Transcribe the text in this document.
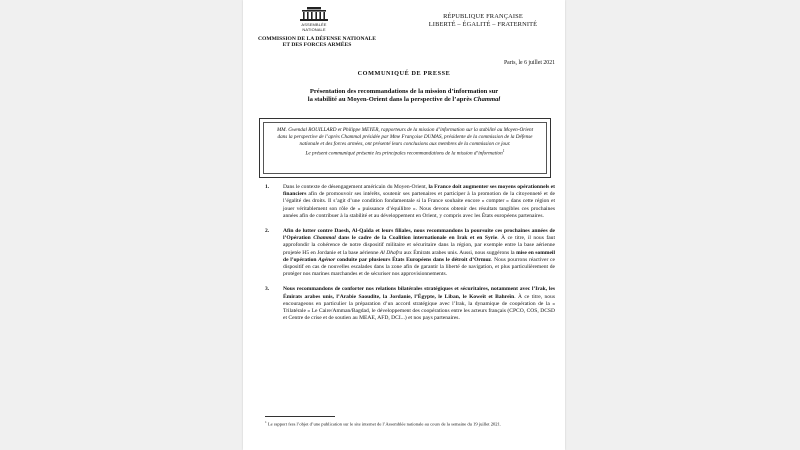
ASSEMBLÉE
NATIONALE
COMMISSION DE LA DÉFENSE NATIONALE
ET DES FORCES ARMÉES
RÉPUBLIQUE FRANÇAISE
LIBERTÉ – ÉGALITÉ – FRATERNITÉ
Paris, le 6 juillet 2021
COMMUNIQUÉ DE PRESSE
Présentation des recommandations de la mission d’information sur
la stabilité au Moyen-Orient dans la perspective de l’après Chammal
MM. Gwendal ROUILLARD et Philippe MEYER, rapporteurs de la mission d’information sur la stabilité au Moyen-Orient dans la perspective de l’après Chammal présidée par Mme Françoise DUMAS, présidente de la commission de la Défense nationale et des forces armées, ont présenté leurs conclusions aux membres de la commission ce jour.
Le présent communiqué présente les principales recommandations de la mission d’information$^1$
1. Dans le contexte de désengagement américain du Moyen-Orient, la France doit augmenter ses moyens opérationnels et financiers afin de promouvoir ses intérêts, soutenir ses partenaires et participer à la promotion de la citoyenneté et de l’égalité des droits. Il s’agit d’une condition fondamentale si la France souhaite encore « compter » dans cette région et jouer véritablement son rôle de « puissance d’équilibre ». Nous devons obtenir des résultats tangibles ces prochaines années afin de contribuer à la stabilité et au développement en Orient, y compris avec les États européens partenaires.
2. Afin de lutter contre Daesh, Al-Qaïda et leurs filiales, nous recommandons la poursuite ces prochaines années de l’Opération Chammal dans le cadre de la Coalition internationale en Irak et en Syrie. À ce titre, il nous faut approfondir la cohérence de notre dispositif militaire et sécuritaire dans la région, par exemple entre la base aérienne projetée H5 en Jordanie et la base aérienne Al Dhafra aux Émirats arabes unis. Aussi, nous suggérons la mise en sommeil de l’opération Agénor conduite par plusieurs États Européens dans le détroit d’Ormuz. Nous pourrons réactiver ce dispositif en cas de nouvelles escalades dans la zone afin de garantir la liberté de navigation, et plus particulièrement de protéger nos marines marchandes et de sécuriser nos approvisionnements.
3. Nous recommandons de conforter nos relations bilatérales stratégiques et sécuritaires, notamment avec l’Irak, les Émirats arabes unis, l’Arabie Saoudite, la Jordanie, l’Égypte, le Liban, le Koweït et Bahreïn. À ce titre, nous encourageons en particulier la préparation d’un accord stratégique avec l’Irak, la dynamique de coopération de la « Trilatérale » Le Caire/Amman/Bagdad, le développement des coopérations entre les acteurs français (CPCO, COS, DCSD et Centre de crise et de soutien au MEAE, AFD, DCI...) et nos pays partenaires.
$^1$ Le rapport fera l’objet d’une publication sur le site internet de l’Assemblée nationale au cours de la semaine du 19 juillet 2021.
